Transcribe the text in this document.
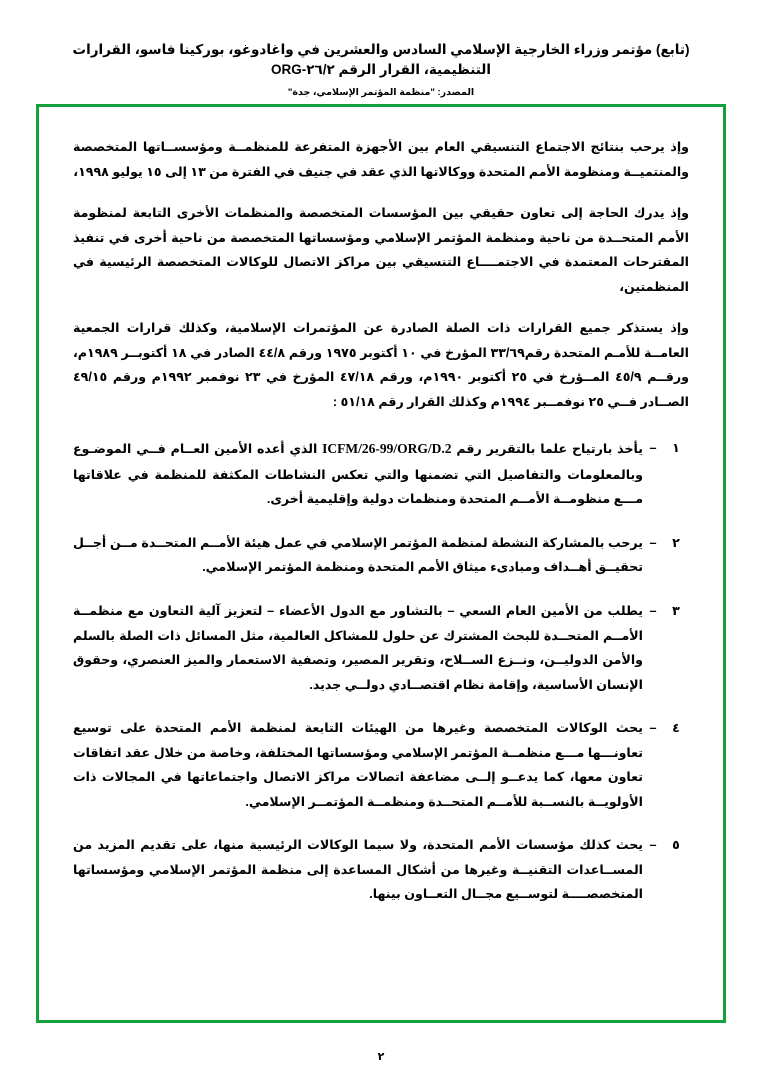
(تابع) مؤتمر وزراء الخارجية الإسلامي السادس والعشرين في واغادوغو، بوركينا فاسو، القرارات التنظيمية، القرار الرقم ٢٦/٢-ORG
المصدر: "منظمة المؤتمر الإسلامي، جدة"
وإذ يرحب بنتائج الاجتماع التنسيقي العام بين الأجهزة المتفرعة للمنظمــة ومؤسســاتها المتخصصة والمنتميــة ومنظومة الأمم المتحدة ووكالاتها الذي عقد في جنيف في الفترة من ١٣ إلى ١٥ يوليو ١٩٩٨،
وإذ يدرك الحاجة إلى تعاون حقيقي بين المؤسسات المتخصصة والمنظمات الأخرى التابعة لمنظومة الأمم المتحــدة من ناحية ومنظمة المؤتمر الإسلامي ومؤسساتها المتخصصة من ناحية أخرى في تنفيذ المقترحات المعتمدة في الاجتمــــاع التنسيقي بين مراكز الاتصال للوكالات المتخصصة الرئيسية في المنظمتين،
وإذ يستذكر جميع القرارات ذات الصلة الصادرة عن المؤتمرات الإسلامية، وكذلك قرارات الجمعية العامــة للأمـم المتحدة رقم٣٣/٦٩ المؤرخ في ١٠ أكتوبر ١٩٧٥ ورقم ٤٤/٨ الصادر في ١٨ أكتوبــر ١٩٨٩م، ورقــم ٤٥/٩ المــؤرخ في ٢٥ أكتوبر ١٩٩٠م، ورقم ٤٧/١٨ المؤرخ في ٢٣ نوفمبر ١٩٩٢م ورقم ٤٩/١٥ الصــادر فــي ٢٥ نوفمــبر ١٩٩٤م وكذلك القرار رقم ٥١/١٨ :
١
–
يأخذ بارتياح علما بالتقرير رقم ICFM/26-99/ORG/D.2 الذي أعده الأمين العــام فــي الموضـوع وبالمعلومات والتفاصيل التي تضمنها والتي تعكس النشاطات المكثفة للمنظمة في علاقاتها مـــع منظومــة الأمــم المتحدة ومنظمات دولية وإقليمية أخرى.
٢
–
يرحب بالمشاركة النشطة لمنظمة المؤتمر الإسلامي في عمل هيئة الأمــم المتحــدة مــن أجــل تحقيــق أهــداف ومبادىء ميثاق الأمم المتحدة ومنظمة المؤتمر الإسلامي.
٣
–
يطلب من الأمين العام السعي – بالتشاور مع الدول الأعضاء – لتعزيز آلية التعاون مع منظمــة الأمــم المتحــدة للبحث المشترك عن حلول للمشاكل العالمية، مثل المسائل ذات الصلة بالسلم والأمن الدوليــن، ونــزع الســلاح، وتقرير المصير، وتصفية الاستعمار والميز العنصري، وحقوق الإنسان الأساسية، وإقامة نظام اقتصــادي دولــي جديد.
٤
–
يحث الوكالات المتخصصة وغيرها من الهيئات التابعة لمنظمة الأمم المتحدة على توسيع تعاونـــها مـــع منظمــة المؤتمر الإسلامي ومؤسساتها المختلفة، وخاصة من خلال عقد اتفاقات تعاون معها، كما يدعــو إلــى مضاعفة اتصالات مراكز الاتصال واجتماعاتها في المجالات ذات الأولويــة بالنســبة للأمــم المتحــدة ومنظمــة المؤتمــر الإسلامي.
٥
–
يحث كذلك مؤسسات الأمم المتحدة، ولا سيما الوكالات الرئيسية منها، على تقديم المزيد من المســاعدات التقنيــة وغيرها من أشكال المساعدة إلى منظمة المؤتمر الإسلامي ومؤسساتها المتخصصــــة لتوســيع مجــال التعــاون بينها.
٢
